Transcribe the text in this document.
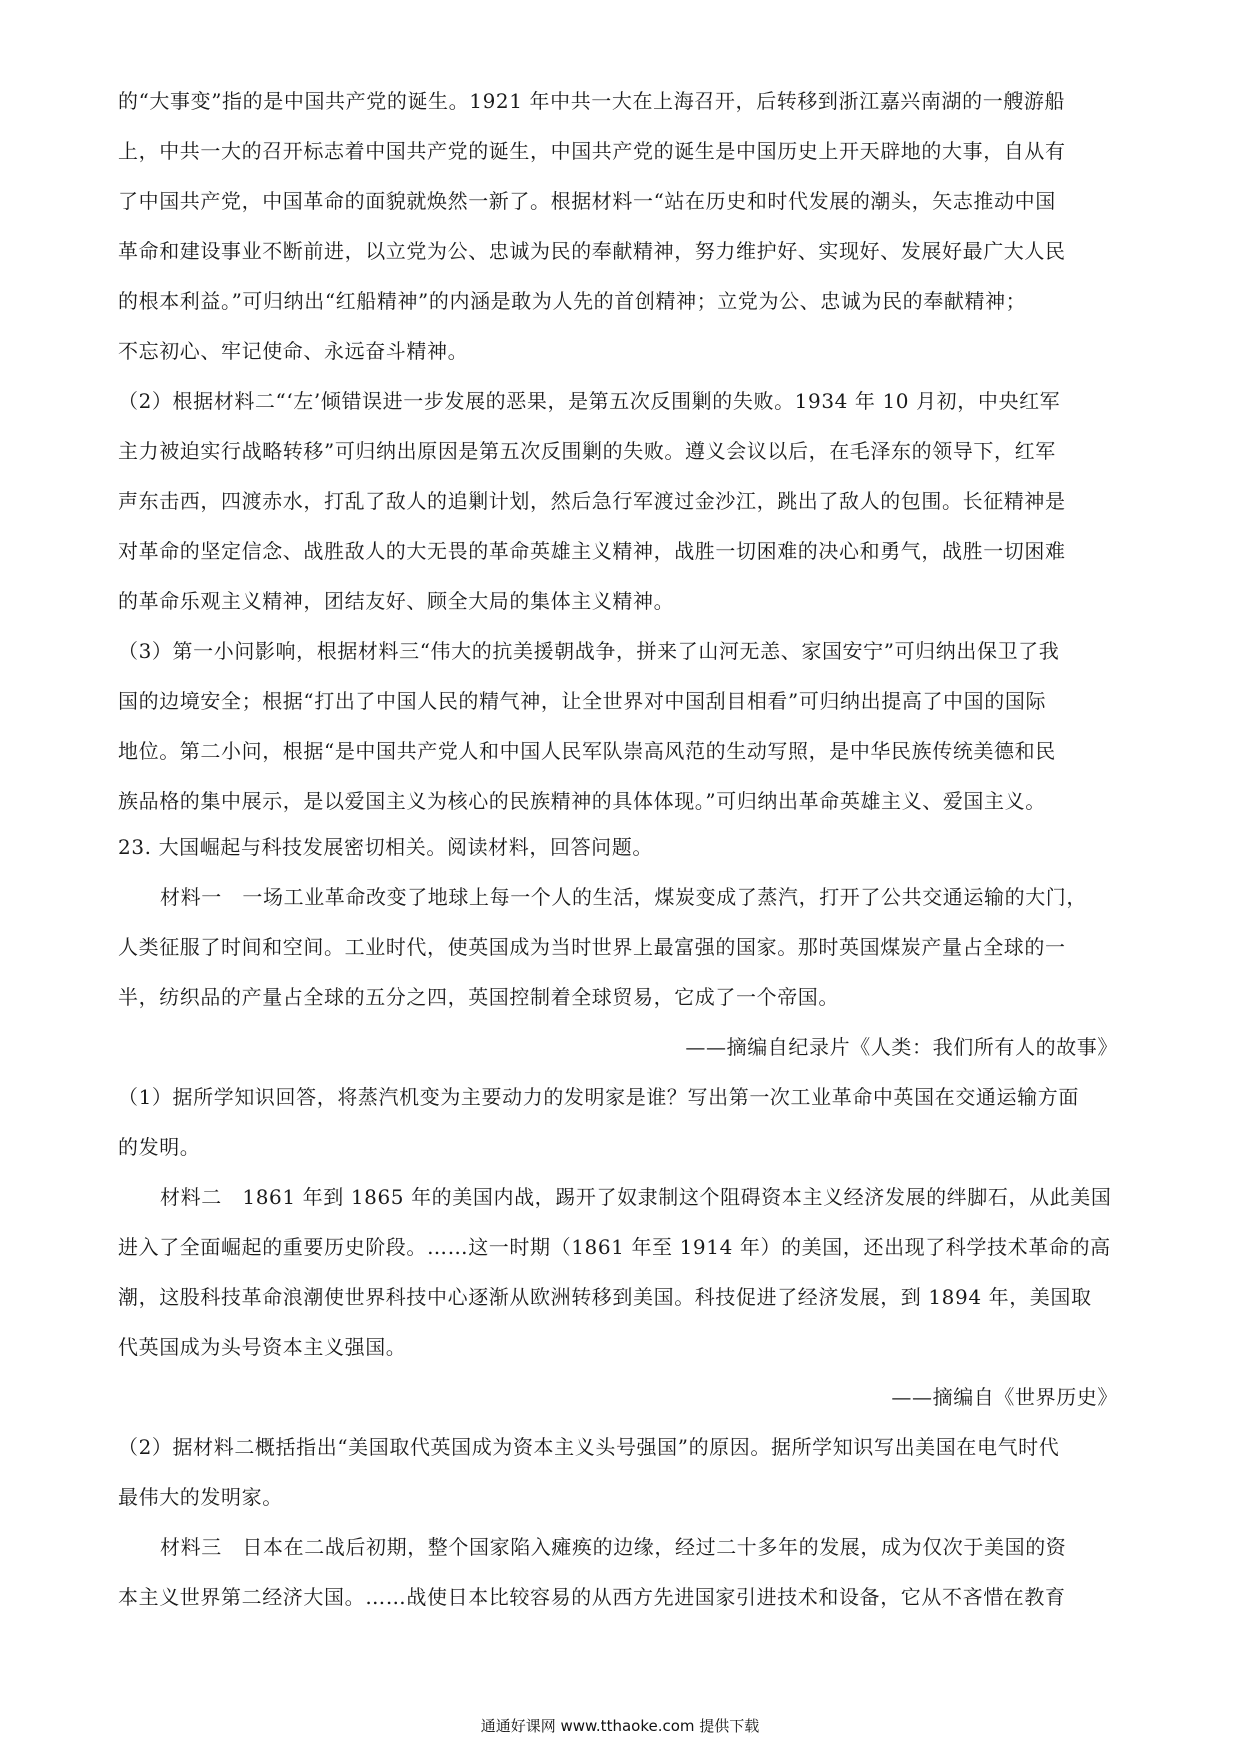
的“大事变”指的是中国共产党的诞生。1921 年中共一大在上海召开，后转移到浙江嘉兴南湖的一艘游船

上，中共一大的召开标志着中国共产党的诞生，中国共产党的诞生是中国历史上开天辟地的大事，自从有

了中国共产党，中国革命的面貌就焕然一新了。根据材料一“站在历史和时代发展的潮头，矢志推动中国

革命和建设事业不断前进，以立党为公、忠诚为民的奉献精神，努力维护好、实现好、发展好最广大人民

的根本利益。”可归纳出“红船精神”的内涵是敢为人先的首创精神；立党为公、忠诚为民的奉献精神；

不忘初心、牢记使命、永远奋斗精神。

（2）根据材料二“‘左’倾错误进一步发展的恶果，是第五次反围剿的失败。1934 年 10 月初，中央红军

主力被迫实行战略转移”可归纳出原因是第五次反围剿的失败。遵义会议以后，在毛泽东的领导下，红军

声东击西，四渡赤水，打乱了敌人的追剿计划，然后急行军渡过金沙江，跳出了敌人的包围。长征精神是

对革命的坚定信念、战胜敌人的大无畏的革命英雄主义精神，战胜一切困难的决心和勇气，战胜一切困难

的革命乐观主义精神，团结友好、顾全大局的集体主义精神。

（3）第一小问影响，根据材料三“伟大的抗美援朝战争，拼来了山河无恙、家国安宁”可归纳出保卫了我

国的边境安全；根据“打出了中国人民的精气神，让全世界对中国刮目相看”可归纳出提高了中国的国际

地位。第二小问，根据“是中国共产党人和中国人民军队崇高风范的生动写照，是中华民族传统美德和民

族品格的集中展示，是以爱国主义为核心的民族精神的具体体现。”可归纳出革命英雄主义、爱国主义。

23. 大国崛起与科技发展密切相关。阅读材料，回答问题。

材料一　一场工业革命改变了地球上每一个人的生活，煤炭变成了蒸汽，打开了公共交通运输的大门，

人类征服了时间和空间。工业时代，使英国成为当时世界上最富强的国家。那时英国煤炭产量占全球的一

半，纺织品的产量占全球的五分之四，英国控制着全球贸易，它成了一个帝国。

——摘编自纪录片《人类：我们所有人的故事》

（1）据所学知识回答，将蒸汽机变为主要动力的发明家是谁？写出第一次工业革命中英国在交通运输方面

的发明。

材料二　1861 年到 1865 年的美国内战，踢开了奴隶制这个阻碍资本主义经济发展的绊脚石，从此美国

进入了全面崛起的重要历史阶段。……这一时期（1861 年至 1914 年）的美国，还出现了科学技术革命的高

潮，这股科技革命浪潮使世界科技中心逐渐从欧洲转移到美国。科技促进了经济发展，到 1894 年，美国取

代英国成为头号资本主义强国。

——摘编自《世界历史》

（2）据材料二概括指出“美国取代英国成为资本主义头号强国”的原因。据所学知识写出美国在电气时代

最伟大的发明家。

材料三　日本在二战后初期，整个国家陷入瘫痪的边缘，经过二十多年的发展，成为仅次于美国的资

本主义世界第二经济大国。……战使日本比较容易的从西方先进国家引进技术和设备，它从不吝惜在教育

通通好课网 www.tthaoke.com 提供下载
